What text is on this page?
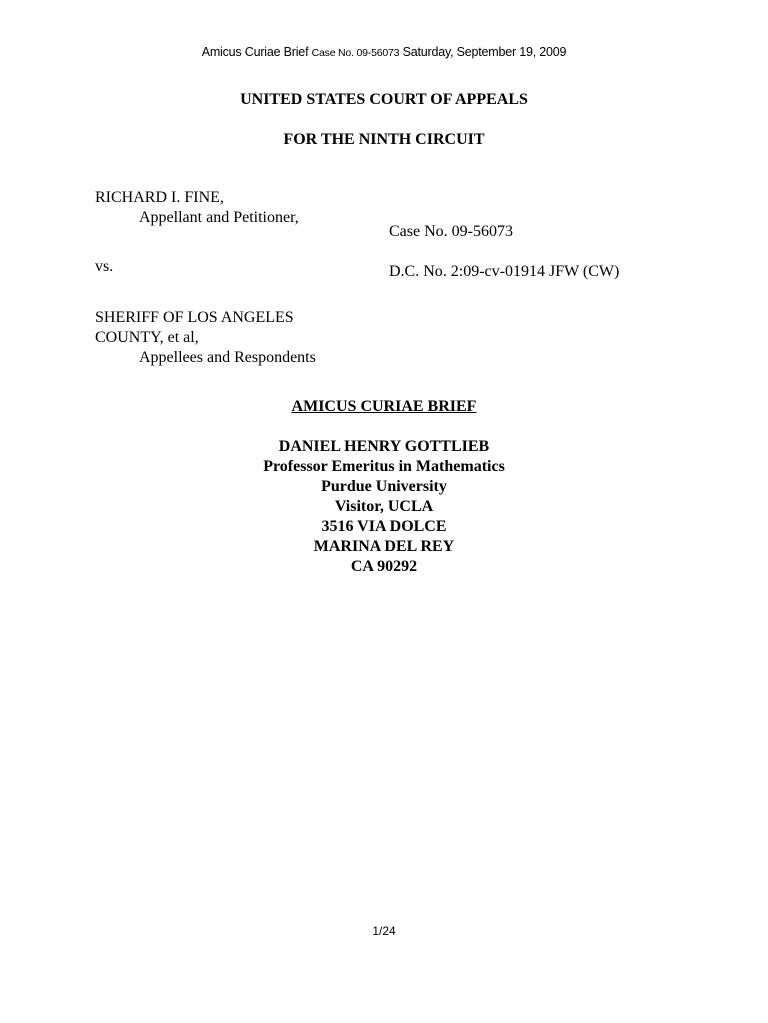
Amicus Curiae Brief Case No. 09-56073 Saturday, September 19, 2009
UNITED STATES COURT OF APPEALS
FOR THE NINTH CIRCUIT
RICHARD I. FINE,
Appellant and Petitioner,
Case No. 09-56073
vs.	D.C. No. 2:09-cv-01914 JFW (CW)
SHERIFF OF LOS ANGELES
COUNTY, et al,
Appellees and Respondents
AMICUS CURIAE BRIEF
DANIEL HENRY GOTTLIEB
Professor Emeritus in Mathematics
Purdue University
Visitor, UCLA
3516 VIA DOLCE
MARINA DEL REY
CA 90292
1/24
